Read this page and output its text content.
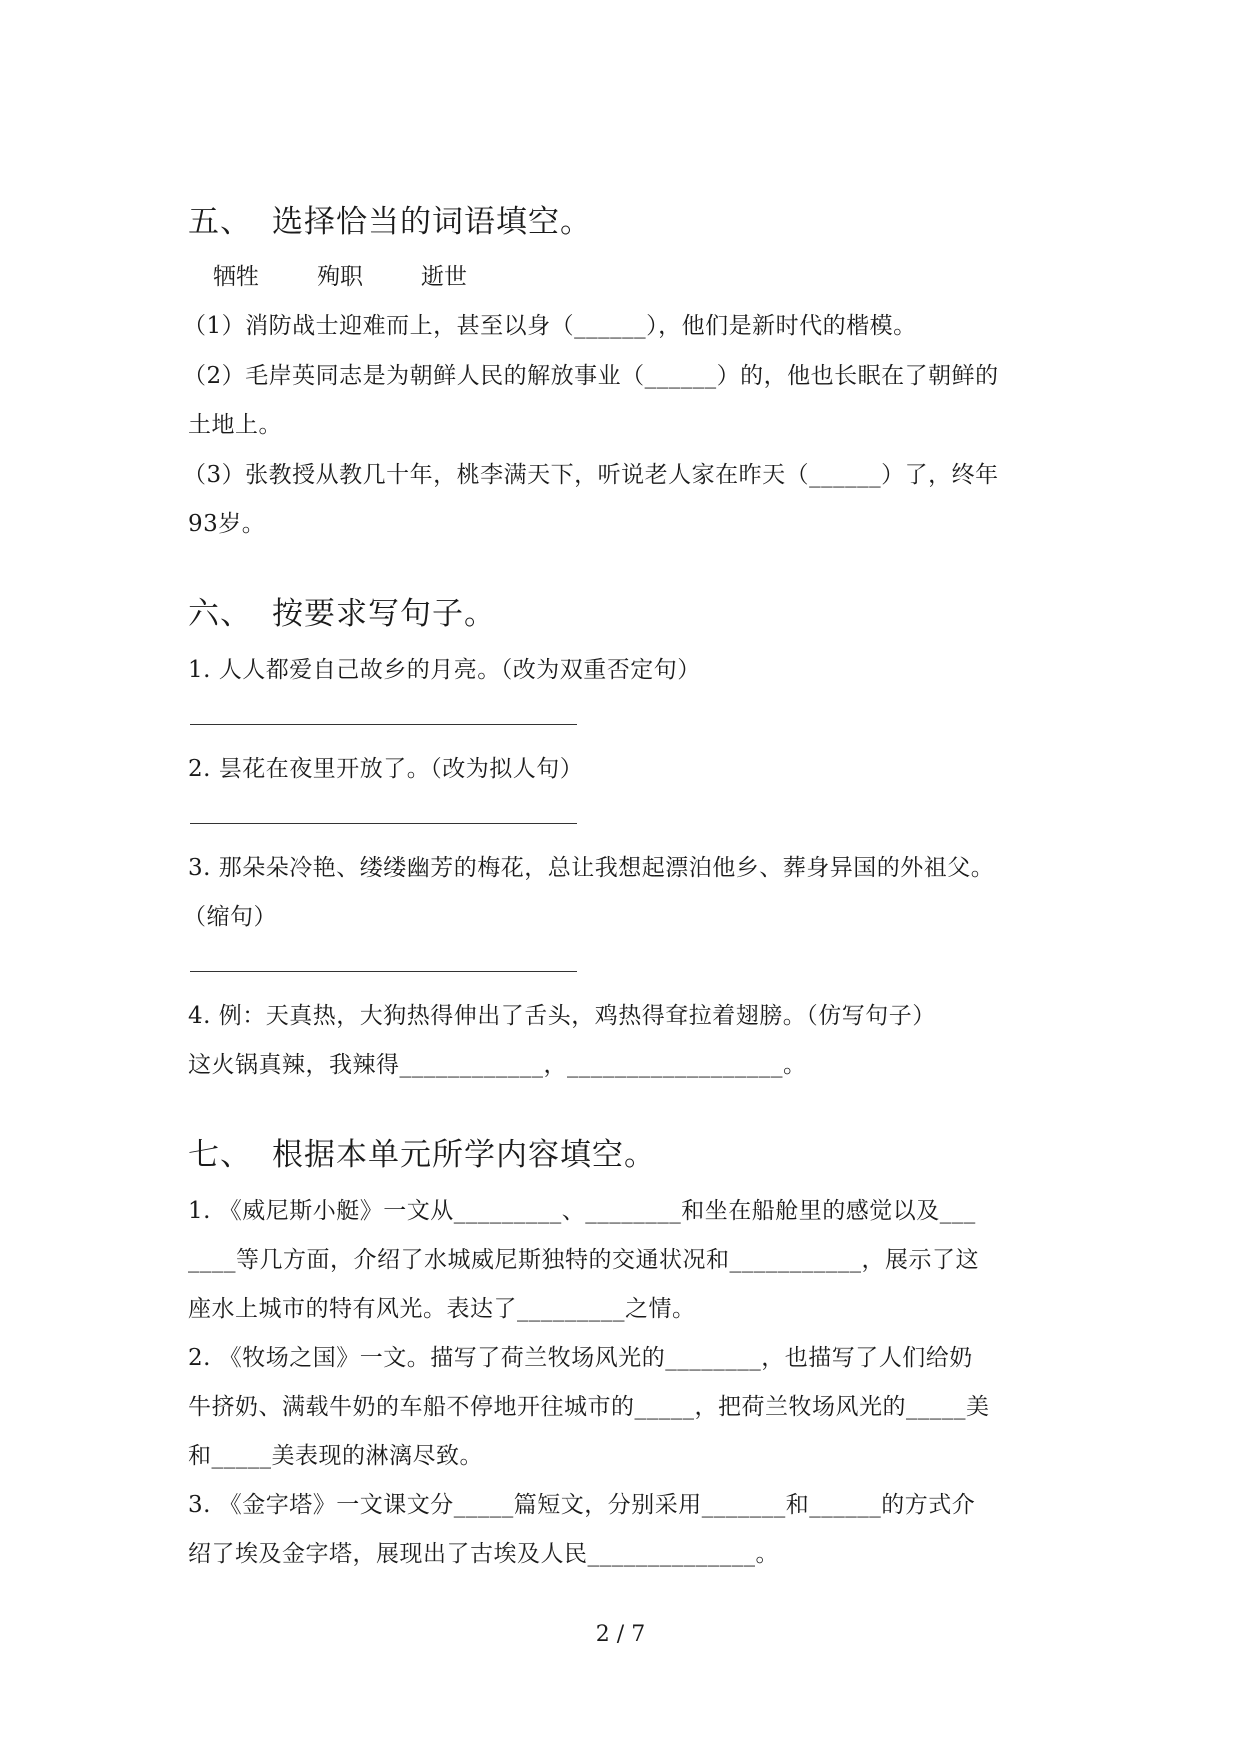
五、 选择恰当的词语填空。
牺牲	殉职	逝世
（1）消防战士迎难而上，甚至以身（______），他们是新时代的楷模。
（2）毛岸英同志是为朝鲜人民的解放事业（______）的，他也长眠在了朝鲜的
土地上。
（3）张教授从教几十年，桃李满天下，听说老人家在昨天（______）了，终年
93岁。
六、 按要求写句子。
1. 人人都爱自己故乡的月亮。（改为双重否定句）
2. 昙花在夜里开放了。（改为拟人句）
3. 那朵朵冷艳、缕缕幽芳的梅花，总让我想起漂泊他乡、葬身异国的外祖父。
（缩句）
4. 例：天真热，大狗热得伸出了舌头，鸡热得耷拉着翅膀。（仿写句子）
这火锅真辣，我辣得____________，__________________。
七、 根据本单元所学内容填空。
1. 《威尼斯小艇》一文从_________、________和坐在船舱里的感觉以及___
____等几方面，介绍了水城威尼斯独特的交通状况和___________，展示了这
座水上城市的特有风光。表达了_________之情。
2. 《牧场之国》一文。描写了荷兰牧场风光的________，也描写了人们给奶
牛挤奶、满载牛奶的车船不停地开往城市的_____，把荷兰牧场风光的_____美
和_____美表现的淋漓尽致。
3. 《金字塔》一文课文分_____篇短文，分别采用_______和______的方式介
绍了埃及金字塔，展现出了古埃及人民______________。
2 / 7
